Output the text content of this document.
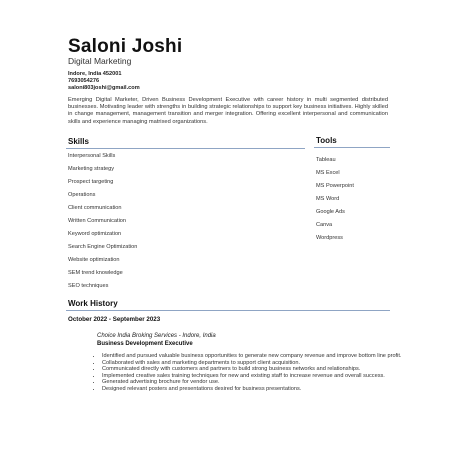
Saloni Joshi
Digital Marketing
Indore, India 452001
7693054276
saloni803joshi@gmail.com
Emerging Digital Marketer, Driven Business Development Executive with career history in multi segmented distributed businesses. Motivating leader with strengths in building strategic relationships to support key business initiatives. Highly skilled in change management, management transition and merger integration. Offering excellent interpersonal and communication skills and experience managing matrixed organizations.
Skills	Tools
Interpersonal Skills
Marketing strategy
Prospect targeting
Operations
Client communication
Written Communication
Keyword optimization
Search Engine Optimization
Website optimization
SEM trend knowledge
SEO techniques
Tableau
MS Excel
MS Powerpoint
MS Word
Google Ads
Canva
Wordpress
Work History
October 2022 - September 2023
Choice India Broking Services - Indore, India
Business Development Executive
• Identified and pursued valuable business opportunities to generate new company revenue and improve bottom line profit.
• Collaborated with sales and marketing departments to support client acquisition.
• Communicated directly with customers and partners to build strong business networks and relationships.
• Implemented creative sales training techniques for new and existing staff to increase revenue and overall success.
• Generated advertising brochure for vendor use.
• Designed relevant posters and presentations desired for business presentations.
